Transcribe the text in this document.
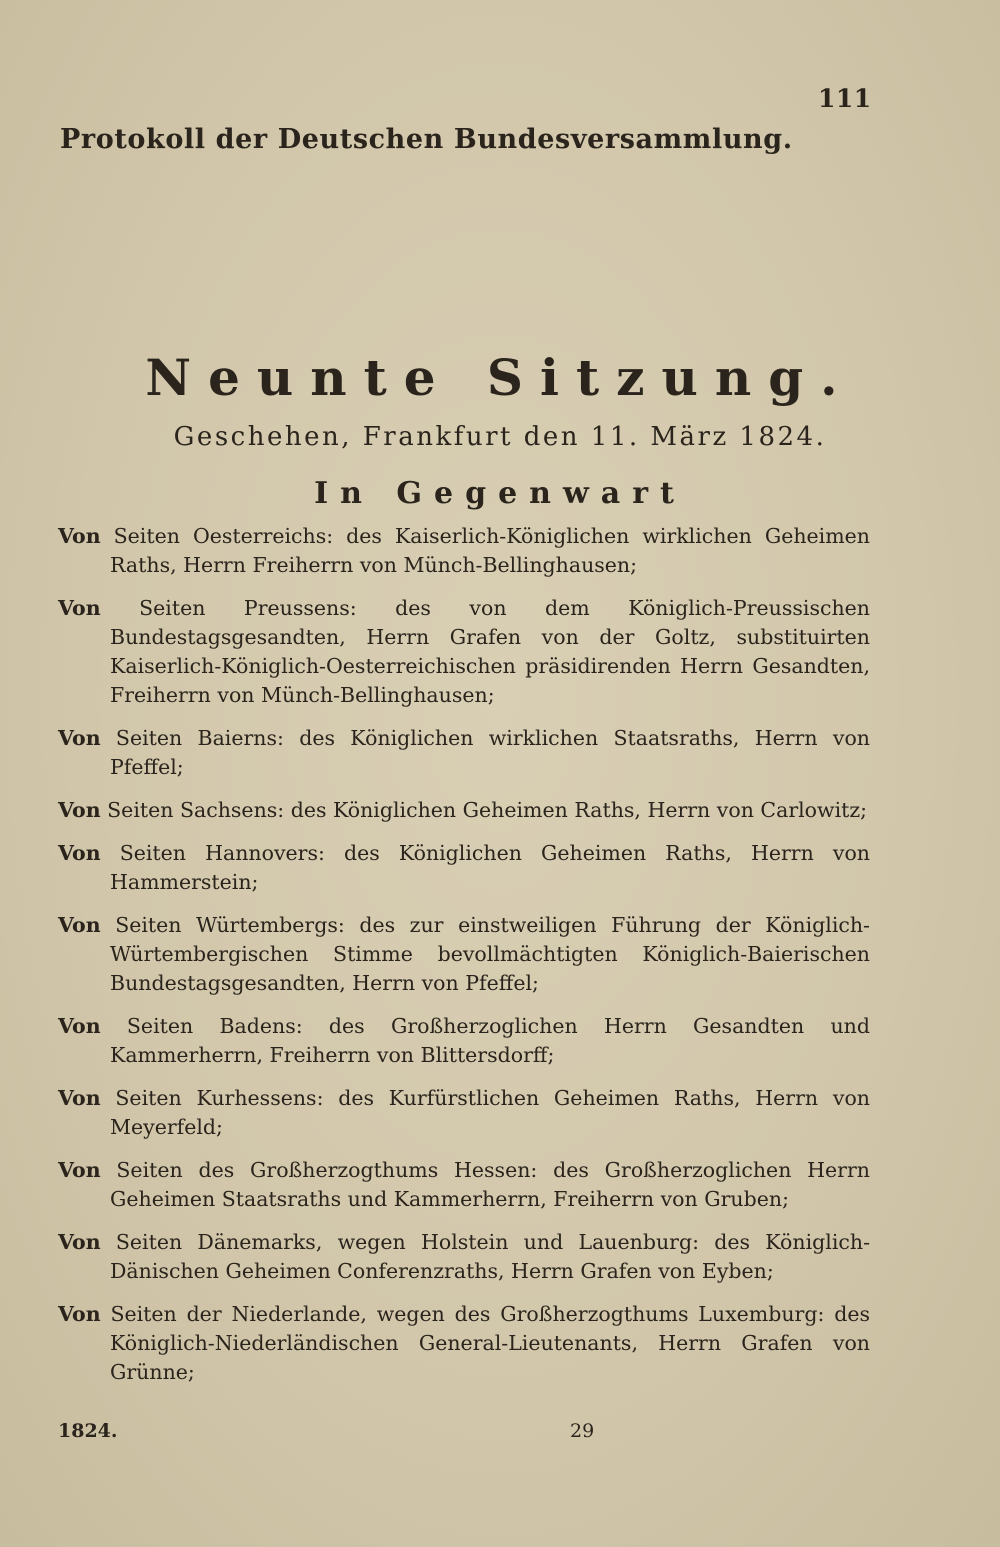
111
Protokoll der Deutschen Bundesversammlung.
Neunte Sitzung.
Geschehen, Frankfurt den 11. März 1824.
In Gegenwart

Von Seiten Oesterreichs: des Kaiserlich-Königlichen wirklichen Geheimen Raths, Herrn Freiherrn von Münch-Bellinghausen;

Von Seiten Preussens: des von dem Königlich-Preussischen Bundestagsgesandten, Herrn Grafen von der Goltz, substituirten Kaiserlich-Königlich-Oesterreichischen präsidirenden Herrn Gesandten, Freiherrn von Münch-Bellinghausen;

Von Seiten Baierns: des Königlichen wirklichen Staatsraths, Herrn von Pfeffel;

Von Seiten Sachsens: des Königlichen Geheimen Raths, Herrn von Carlowitz;

Von Seiten Hannovers: des Königlichen Geheimen Raths, Herrn von Hammerstein;

Von Seiten Würtembergs: des zur einstweiligen Führung der Königlich-Würtembergischen Stimme bevollmächtigten Königlich-Baierischen Bundestagsgesandten, Herrn von Pfeffel;

Von Seiten Badens: des Großherzoglichen Herrn Gesandten und Kammerherrn, Freiherrn von Blittersdorff;

Von Seiten Kurhessens: des Kurfürstlichen Geheimen Raths, Herrn von Meyerfeld;

Von Seiten des Großherzogthums Hessen: des Großherzoglichen Herrn Geheimen Staatsraths und Kammerherrn, Freiherrn von Gruben;

Von Seiten Dänemarks, wegen Holstein und Lauenburg: des Königlich-Dänischen Geheimen Conferenzraths, Herrn Grafen von Eyben;

Von Seiten der Niederlande, wegen des Großherzogthums Luxemburg: des Königlich-Niederländischen General-Lieutenants, Herrn Grafen von Grünne;

1824.	29
